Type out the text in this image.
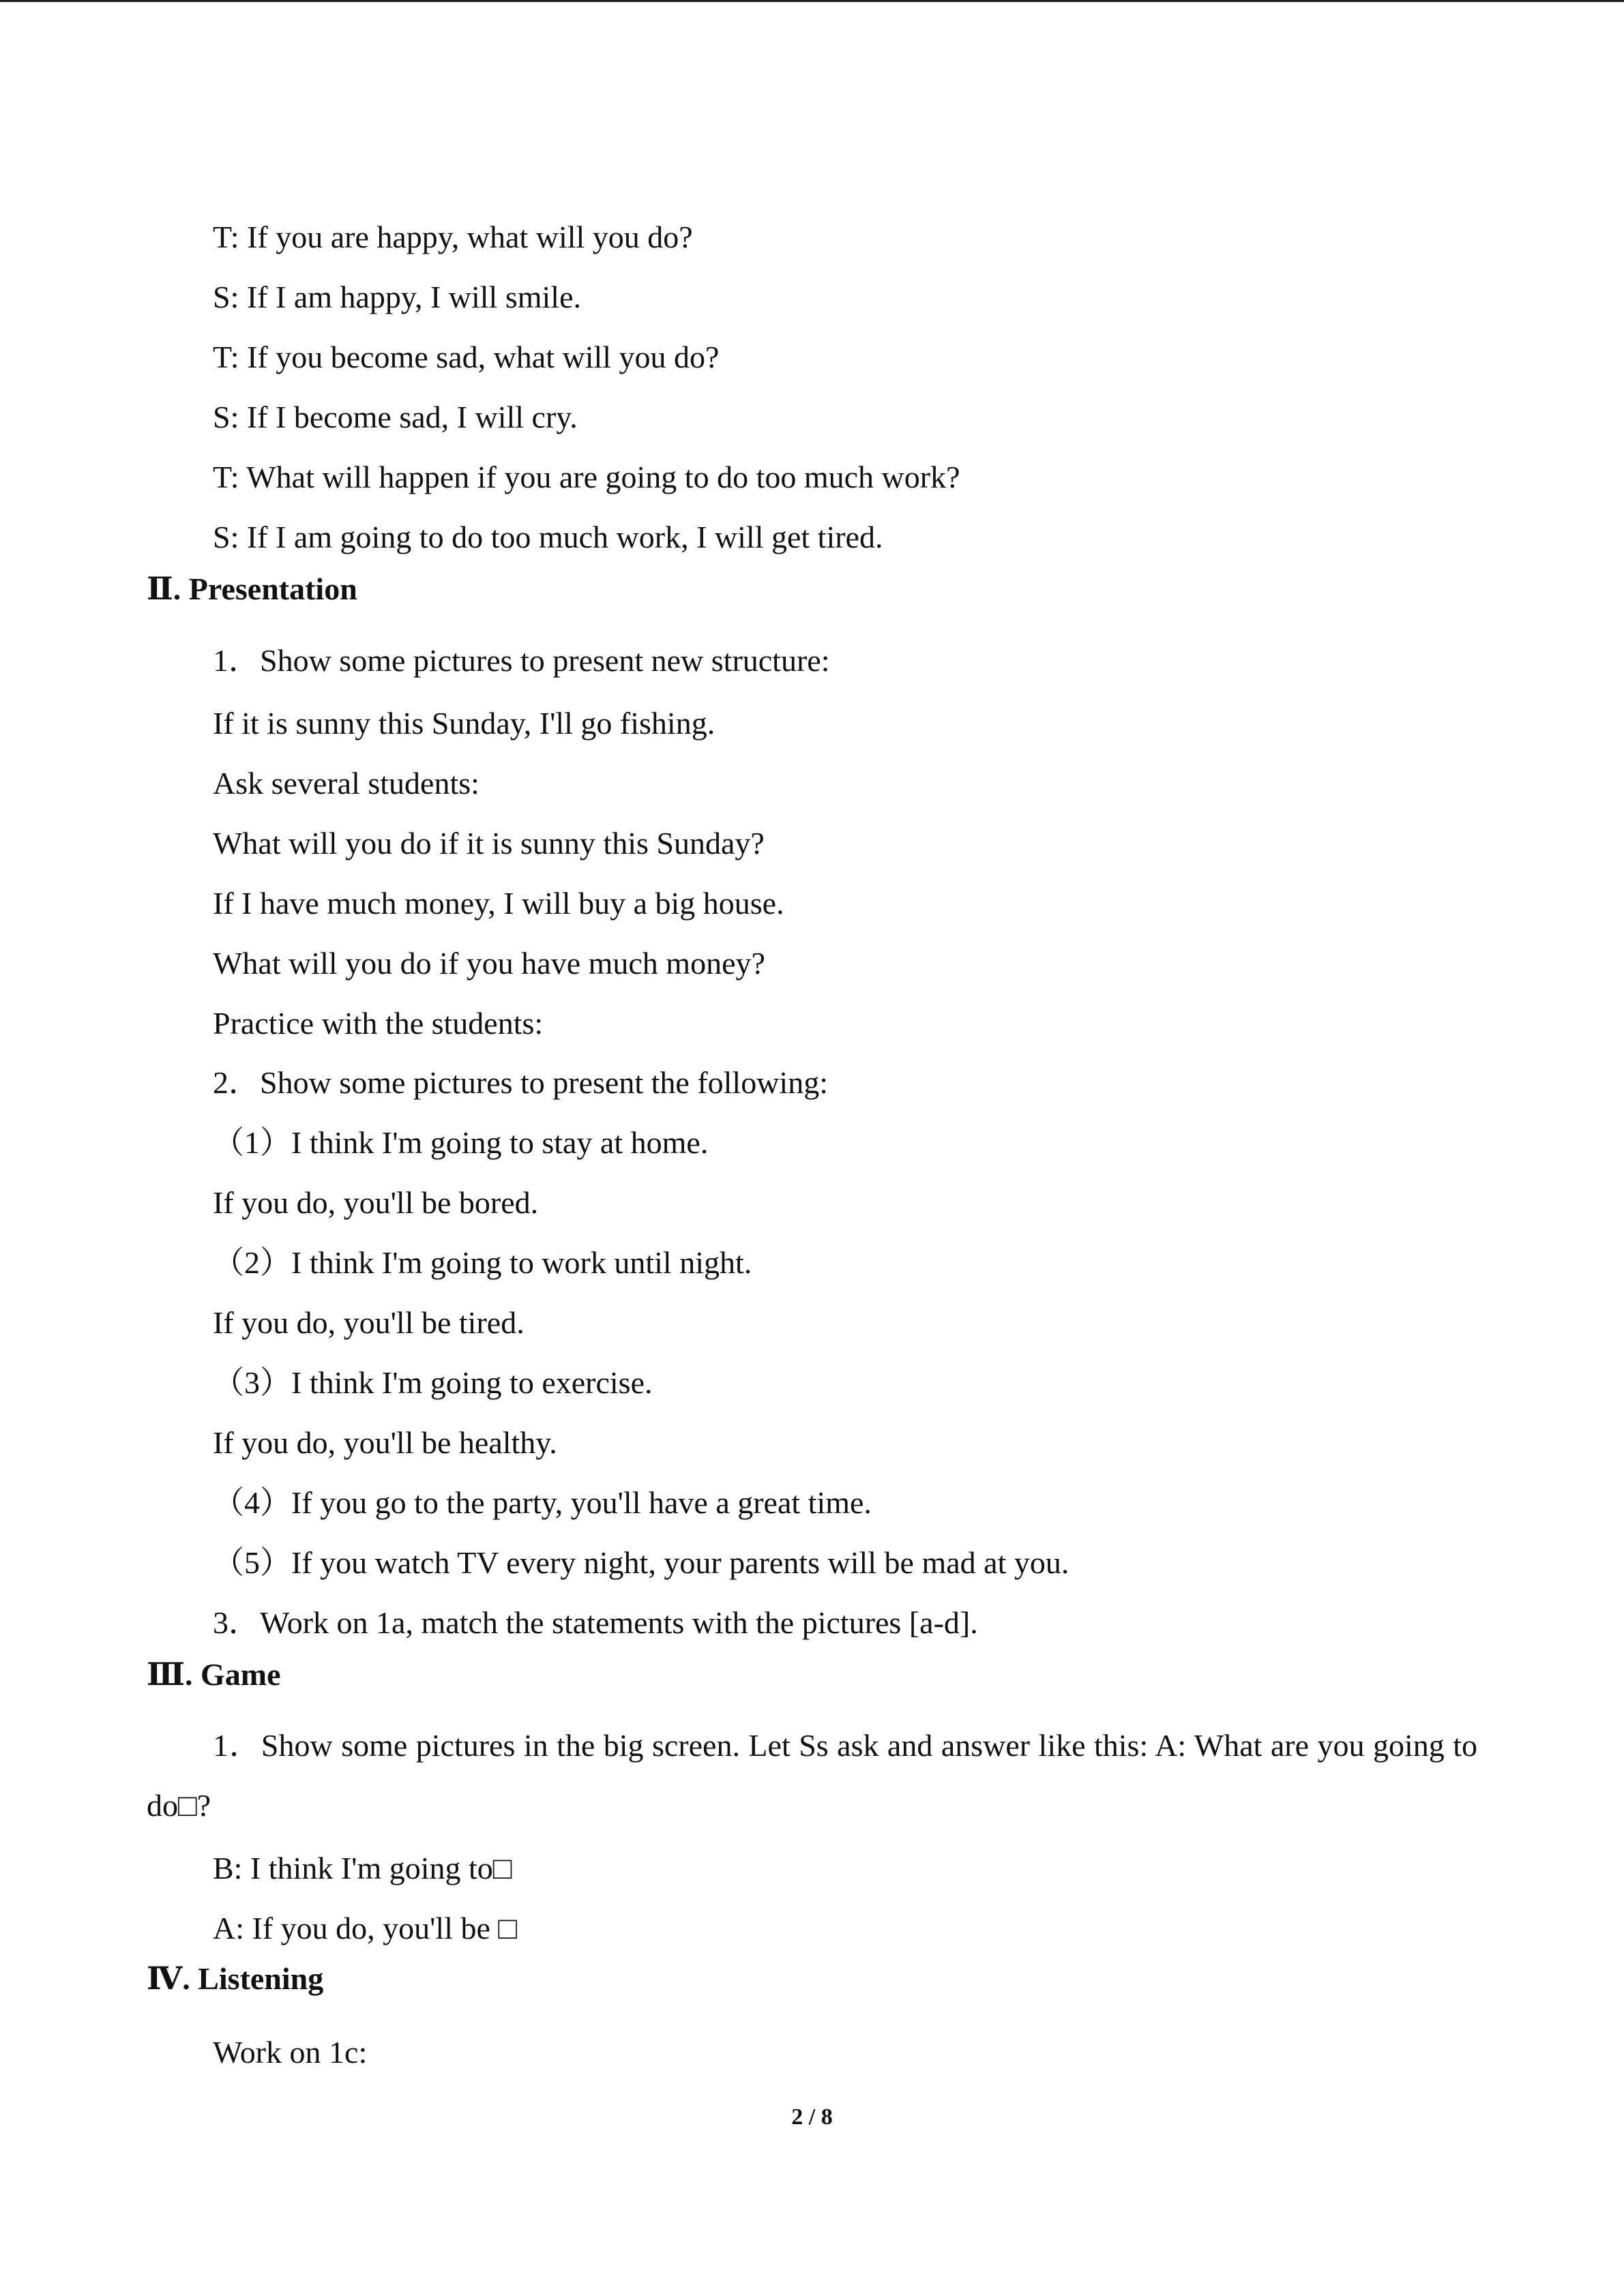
T: If you are happy, what will you do?
S: If I am happy, I will smile.
T: If you become sad, what will you do?
S: If I become sad, I will cry.
T: What will happen if you are going to do too much work?
S: If I am going to do too much work, I will get tired.
Ⅱ. Presentation
1．Show some pictures to present new structure:
If it is sunny this Sunday, I'll go fishing.
Ask several students:
What will you do if it is sunny this Sunday?
If I have much money, I will buy a big house.
What will you do if you have much money?
Practice with the students:
2．Show some pictures to present the following:
（1）I think I'm going to stay at home.
If you do, you'll be bored.
（2）I think I'm going to work until night.
If you do, you'll be tired.
（3）I think I'm going to exercise.
If you do, you'll be healthy.
（4）If you go to the party, you'll have a great time.
（5）If you watch TV every night, your parents will be mad at you.
3．Work on 1a, match the statements with the pictures [a-d].
Ⅲ. Game
1．Show some pictures in the big screen. Let Ss ask and answer like this: A: What are you going to do□?
B: I think I'm going to□
A: If you do, you'll be □
Ⅳ. Listening
Work on 1c:
2 / 8
